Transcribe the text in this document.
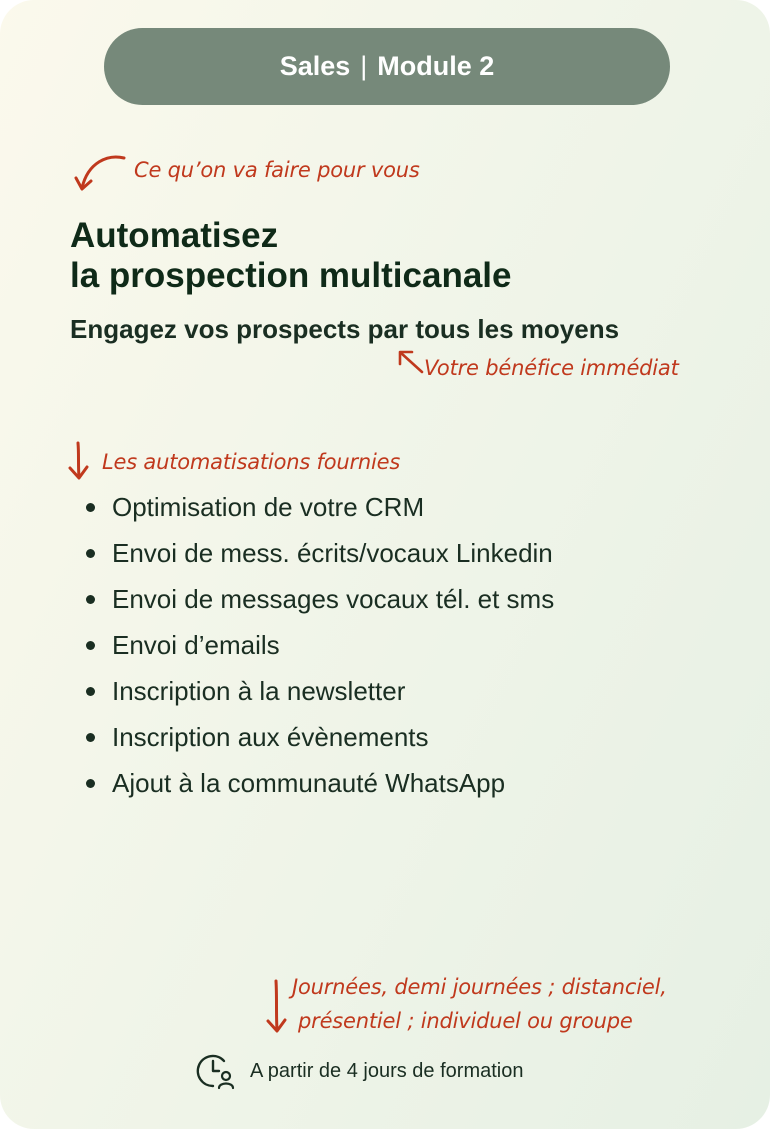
Sales | Module 2
Ce qu’on va faire pour vous
Automatisez
la prospection multicanale
Engagez vos prospects par tous les moyens
Votre bénéfice immédiat
Les automatisations fournies
Optimisation de votre CRM
Envoi de mess. écrits/vocaux Linkedin
Envoi de messages vocaux tél. et sms
Envoi d’emails
Inscription à la newsletter
Inscription aux évènements
Ajout à la communauté WhatsApp
Journées, demi journées ; distanciel,
présentiel ; individuel ou groupe
A partir de 4 jours de formation
